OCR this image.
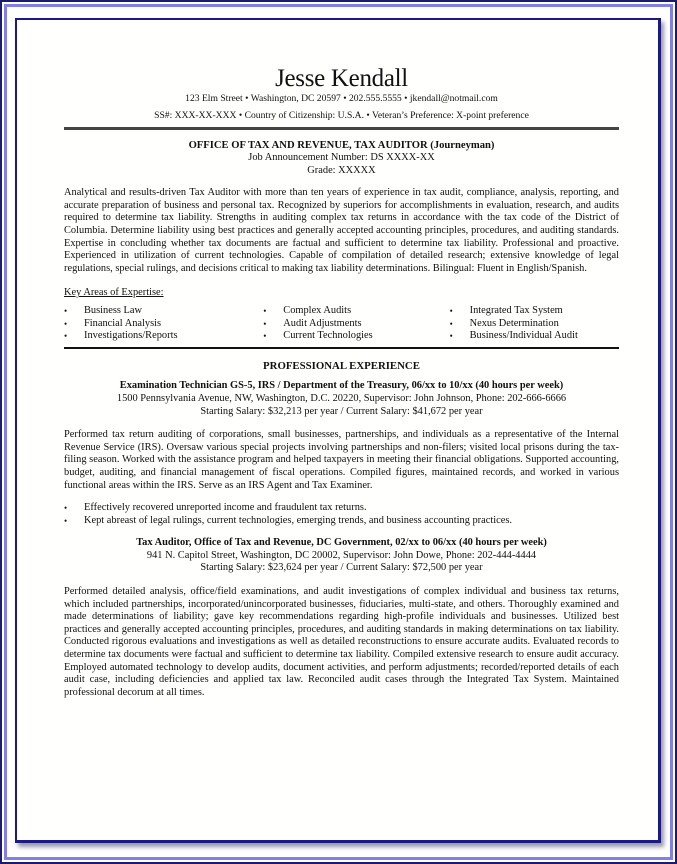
Jesse Kendall
123 Elm Street • Washington, DC 20597 • 202.555.5555 • jkendall@notmail.com
SS#: XXX-XX-XXX • Country of Citizenship: U.S.A. • Veteran’s Preference: X-point preference
OFFICE OF TAX AND REVENUE, TAX AUDITOR (Journeyman)
Job Announcement Number: DS XXXX-XX
Grade: XXXXX

Analytical and results-driven Tax Auditor with more than ten years of experience in tax audit, compliance, analysis, reporting, and accurate preparation of business and personal tax. Recognized by superiors for accomplishments in evaluation, research, and audits required to determine tax liability. Strengths in auditing complex tax returns in accordance with the tax code of the District of Columbia. Determine liability using best practices and generally accepted accounting principles, procedures, and auditing standards. Expertise in concluding whether tax documents are factual and sufficient to determine tax liability. Professional and proactive. Experienced in utilization of current technologies. Capable of compilation of detailed research; extensive knowledge of legal regulations, special rulings, and decisions critical to making tax liability determinations. Bilingual: Fluent in English/Spanish.

Key Areas of Expertise:
• Business Law
• Financial Analysis
• Investigations/Reports
• Complex Audits
• Audit Adjustments
• Current Technologies
• Integrated Tax System
• Nexus Determination
• Business/Individual Audit
PROFESSIONAL EXPERIENCE
Examination Technician GS-5, IRS / Department of the Treasury, 06/xx to 10/xx (40 hours per week)
1500 Pennsylvania Avenue, NW, Washington, D.C. 20220, Supervisor: John Johnson, Phone: 202-666-6666
Starting Salary: $32,213 per year / Current Salary: $41,672 per year

Performed tax return auditing of corporations, small businesses, partnerships, and individuals as a representative of the Internal Revenue Service (IRS). Oversaw various special projects involving partnerships and non-filers; visited local prisons during the tax-filing season. Worked with the assistance program and helped taxpayers in meeting their financial obligations. Supported accounting, budget, auditing, and financial management of fiscal operations. Compiled figures, maintained records, and worked in various functional areas within the IRS. Serve as an IRS Agent and Tax Examiner.

• Effectively recovered unreported income and fraudulent tax returns.
• Kept abreast of legal rulings, current technologies, emerging trends, and business accounting practices.
Tax Auditor, Office of Tax and Revenue, DC Government, 02/xx to 06/xx (40 hours per week)
941 N. Capitol Street, Washington, DC 20002, Supervisor: John Dowe, Phone: 202-444-4444
Starting Salary: $23,624 per year / Current Salary: $72,500 per year

Performed detailed analysis, office/field examinations, and audit investigations of complex individual and business tax returns, which included partnerships, incorporated/unincorporated businesses, fiduciaries, multi-state, and others. Thoroughly examined and made determinations of liability; gave key recommendations regarding high-profile individuals and businesses. Utilized best practices and generally accepted accounting principles, procedures, and auditing standards in making determinations on tax liability. Conducted rigorous evaluations and investigations as well as detailed reconstructions to ensure accurate audits. Evaluated records to determine tax documents were factual and sufficient to determine tax liability. Compiled extensive research to ensure audit accuracy. Employed automated technology to develop audits, document activities, and perform adjustments; recorded/reported details of each audit case, including deficiencies and applied tax law. Reconciled audit cases through the Integrated Tax System. Maintained professional decorum at all times.
